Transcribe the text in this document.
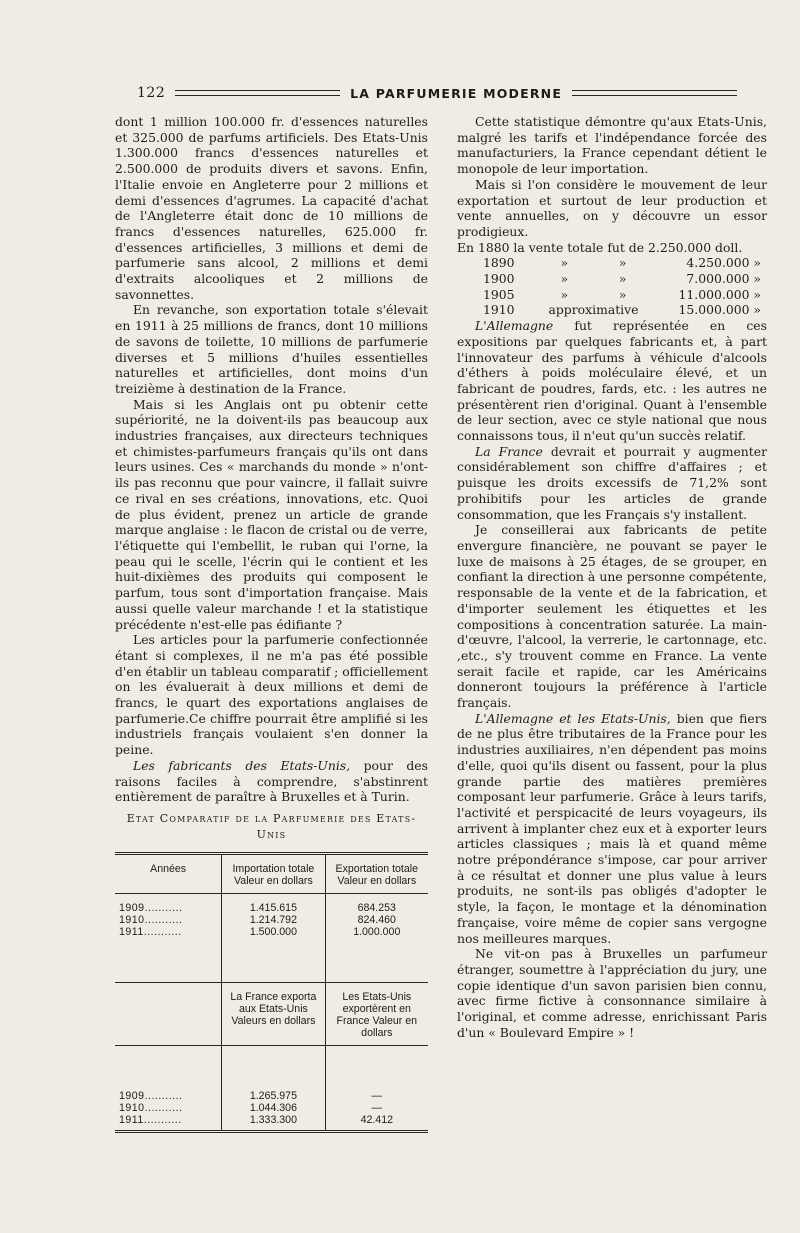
122	LA PARFUMERIE MODERNE

dont 1 million 100.000 fr. d'essences naturelles et 325.000 de parfums artificiels. Des Etats-Unis 1.300.000 francs d'essences naturelles et 2.500.000 de produits divers et savons. Enfin, l'Italie envoie en Angleterre pour 2 millions et demi d'essences d'agrumes. La capacité d'achat de l'Angleterre était donc de 10 millions de francs d'essences naturelles, 625.000 fr. d'essences artificielles, 3 millions et demi de parfumerie sans alcool, 2 millions et demi d'extraits alcooliques et 2 millions de savonnettes.

En revanche, son exportation totale s'élevait en 1911 à 25 millions de francs, dont 10 millions de savons de toilette, 10 millions de parfumerie diverses et 5 millions d'huiles essentielles naturelles et artificielles, dont moins d'un treizième à destination de la France.

Mais si les Anglais ont pu obtenir cette supériorité, ne la doivent-ils pas beaucoup aux industries françaises, aux directeurs techniques et chimistes-parfumeurs français qu'ils ont dans leurs usines. Ces « marchands du monde » n'ont-ils pas reconnu que pour vaincre, il fallait suivre ce rival en ses créations, innovations, etc. Quoi de plus évident, prenez un article de grande marque anglaise : le flacon de cristal ou de verre, l'étiquette qui l'embellit, le ruban qui l'orne, la peau qui le scelle, l'écrin qui le contient et les huit-dixièmes des produits qui composent le parfum, tous sont d'importation française. Mais aussi quelle valeur marchande ! et la statistique précédente n'est-elle pas édifiante ?

Les articles pour la parfumerie confectionnée étant si complexes, il ne m'a pas été possible d'en établir un tableau comparatif ; officiellement on les évaluerait à deux millions et demi de francs, le quart des exportations anglaises de parfumerie.Ce chiffre pourrait être amplifié si les industriels français voulaient s'en donner la peine.

Les fabricants des Etats-Unis, pour des raisons faciles à comprendre, s'abstinrent entièrement de paraître à Bruxelles et à Turin.

Etat Comparatif de la Parfumerie des Etats-Unis
Années	Importation totale Valeur en dollars	Exportation totale Valeur en dollars

1909...........	1.415.615	684.253
1910...........	1.214.792	824.460
1911...........	1.500.000	1.000.000

	La France exporta aux Etats-Unis Valeurs en dollars	Les Etats-Unis exportèrent en France Valeur en dollars

1909...........	1.265.975	—
1910...........	1.044.306	—
1911...........	1.333.300	42.412

Cette statistique démontre qu'aux Etats-Unis, malgré les tarifs et l'indépendance forcée des manufacturiers, la France cependant détient le monopole de leur importation.

Mais si l'on considère le mouvement de leur exportation et surtout de leur production et vente annuelles, on y découvre un essor prodigieux.

En 1880 la vente totale fut de 2.250.000 doll.

1890	»	»	4.250.000 »
1900	»	»	7.000.000 »
1905	»	»	11.000.000 »
1910	approximative		15.000.000 »

L'Allemagne fut représentée en ces expositions par quelques fabricants et, à part l'innovateur des parfums à véhicule d'alcools d'éthers à poids moléculaire élevé, et un fabricant de poudres, fards, etc. : les autres ne présentèrent rien d'original. Quant à l'ensemble de leur section, avec ce style national que nous connaissons tous, il n'eut qu'un succès relatif.

La France devrait et pourrait y augmenter considérablement son chiffre d'affaires ; et puisque les droits excessifs de 71,2% sont prohibitifs pour les articles de grande consommation, que les Français s'y installent.

Je conseillerai aux fabricants de petite envergure financière, ne pouvant se payer le luxe de maisons à 25 étages, de se grouper, en confiant la direction à une personne compétente, responsable de la vente et de la fabrication, et d'importer seulement les étiquettes et les compositions à concentration saturée. La main-d'œuvre, l'alcool, la verrerie, le cartonnage, etc. ,etc., s'y trouvent comme en France. La vente serait facile et rapide, car les Américains donneront toujours la préférence à l'article français.

L'Allemagne et les Etats-Unis, bien que fiers de ne plus être tributaires de la France pour les industries auxiliaires, n'en dépendent pas moins d'elle, quoi qu'ils disent ou fassent, pour la plus grande partie des matières premières composant leur parfumerie. Grâce à leurs tarifs, l'activité et perspicacité de leurs voyageurs, ils arrivent à implanter chez eux et à exporter leurs articles classiques ; mais là et quand même notre prépondérance s'impose, car pour arriver à ce résultat et donner une plus value à leurs produits, ne sont-ils pas obligés d'adopter le style, la façon, le montage et la dénomination française, voire même de copier sans vergogne nos meilleures marques.

Ne vit-on pas à Bruxelles un parfumeur étranger, soumettre à l'appréciation du jury, une copie identique d'un savon parisien bien connu, avec firme fictive à consonnance similaire à l'original, et comme adresse, enrichissant Paris d'un « Boulevard Empire » !
